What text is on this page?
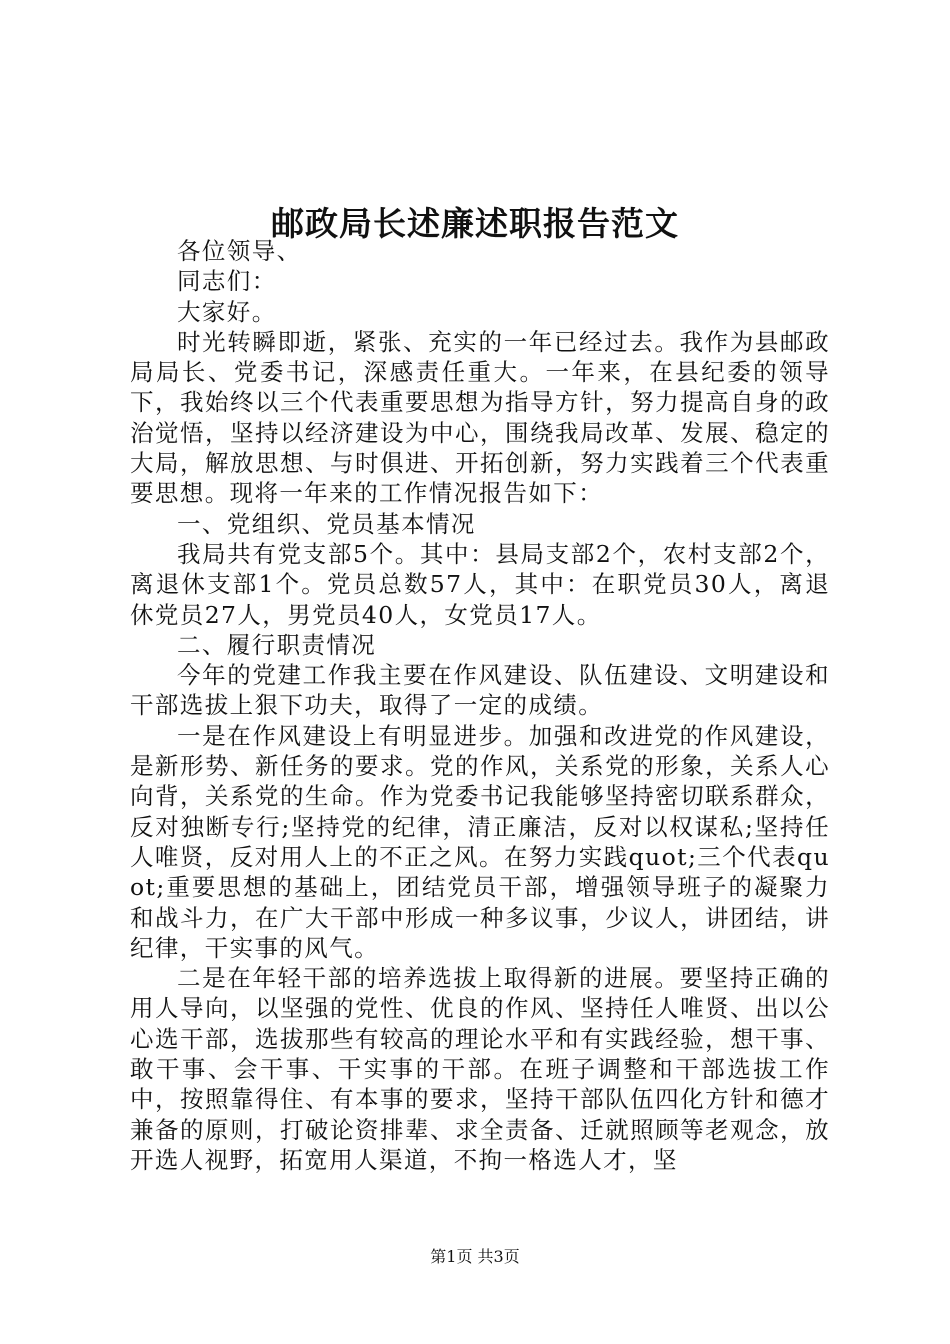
邮政局长述廉述职报告范文

各位领导、

同志们：

大家好。

时光转瞬即逝，紧张、充实的一年已经过去。我作为县邮政局局长、党委书记，深感责任重大。一年来，在县纪委的领导下，我始终以三个代表重要思想为指导方针，努力提高自身的政治觉悟，坚持以经济建设为中心，围绕我局改革、发展、稳定的大局，解放思想、与时俱进、开拓创新，努力实践着三个代表重要思想。现将一年来的工作情况报告如下：

一、党组织、党员基本情况

我局共有党支部5个。其中：县局支部2个，农村支部2个，离退休支部1个。党员总数57人，其中：在职党员30人，离退休党员27人，男党员40人，女党员17人。

二、履行职责情况

今年的党建工作我主要在作风建设、队伍建设、文明建设和干部选拔上狠下功夫，取得了一定的成绩。

一是在作风建设上有明显进步。加强和改进党的作风建设，是新形势、新任务的要求。党的作风，关系党的形象，关系人心向背，关系党的生命。作为党委书记我能够坚持密切联系群众，反对独断专行;坚持党的纪律，清正廉洁，反对以权谋私;坚持任人唯贤，反对用人上的不正之风。在努力实践quot;三个代表quot;重要思想的基础上，团结党员干部，增强领导班子的凝聚力和战斗力，在广大干部中形成一种多议事，少议人，讲团结，讲纪律，干实事的风气。

二是在年轻干部的培养选拔上取得新的进展。要坚持正确的用人导向，以坚强的党性、优良的作风、坚持任人唯贤、出以公心选干部，选拔那些有较高的理论水平和有实践经验，想干事、敢干事、会干事、干实事的干部。在班子调整和干部选拔工作中，按照靠得住、有本事的要求，坚持干部队伍四化方针和德才兼备的原则，打破论资排辈、求全责备、迁就照顾等老观念，放开选人视野，拓宽用人渠道，不拘一格选人才，坚

第1页 共3页
